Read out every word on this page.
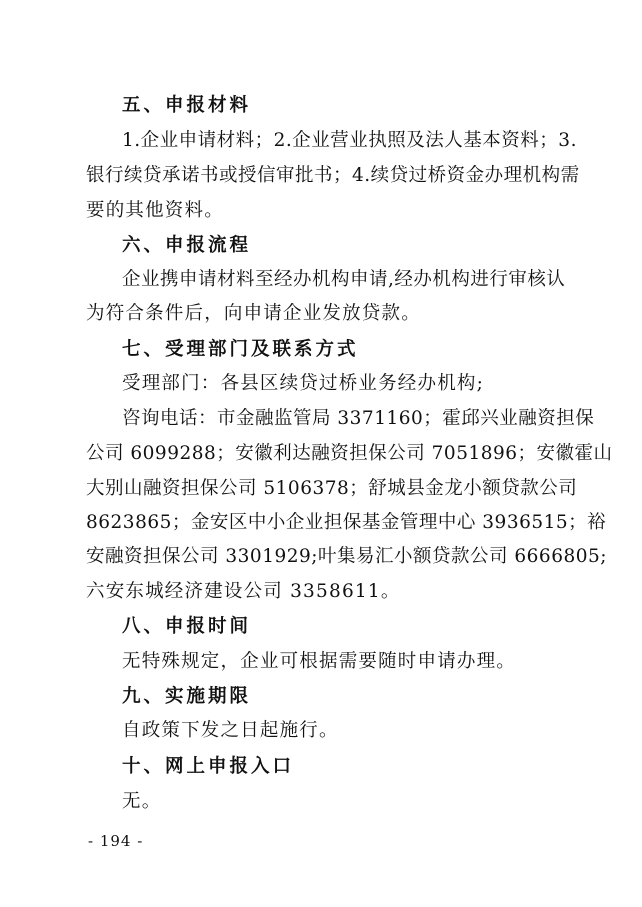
五、申报材料
1.企业申请材料；2.企业营业执照及法人基本资料；3.
银行续贷承诺书或授信审批书；4.续贷过桥资金办理机构需
要的其他资料。
六、申报流程
企业携申请材料至经办机构申请,经办机构进行审核认
为符合条件后，向申请企业发放贷款。
七、受理部门及联系方式
受理部门：各县区续贷过桥业务经办机构;
咨询电话：市金融监管局 3371160；霍邱兴业融资担保
公司 6099288；安徽利达融资担保公司 7051896；安徽霍山
大别山融资担保公司 5106378；舒城县金龙小额贷款公司
8623865；金安区中小企业担保基金管理中心 3936515；裕
安融资担保公司 3301929;叶集易汇小额贷款公司 6666805;
六安东城经济建设公司 3358611。
八、申报时间
无特殊规定，企业可根据需要随时申请办理。
九、实施期限
自政策下发之日起施行。
十、网上申报入口
无。
- 194 -
